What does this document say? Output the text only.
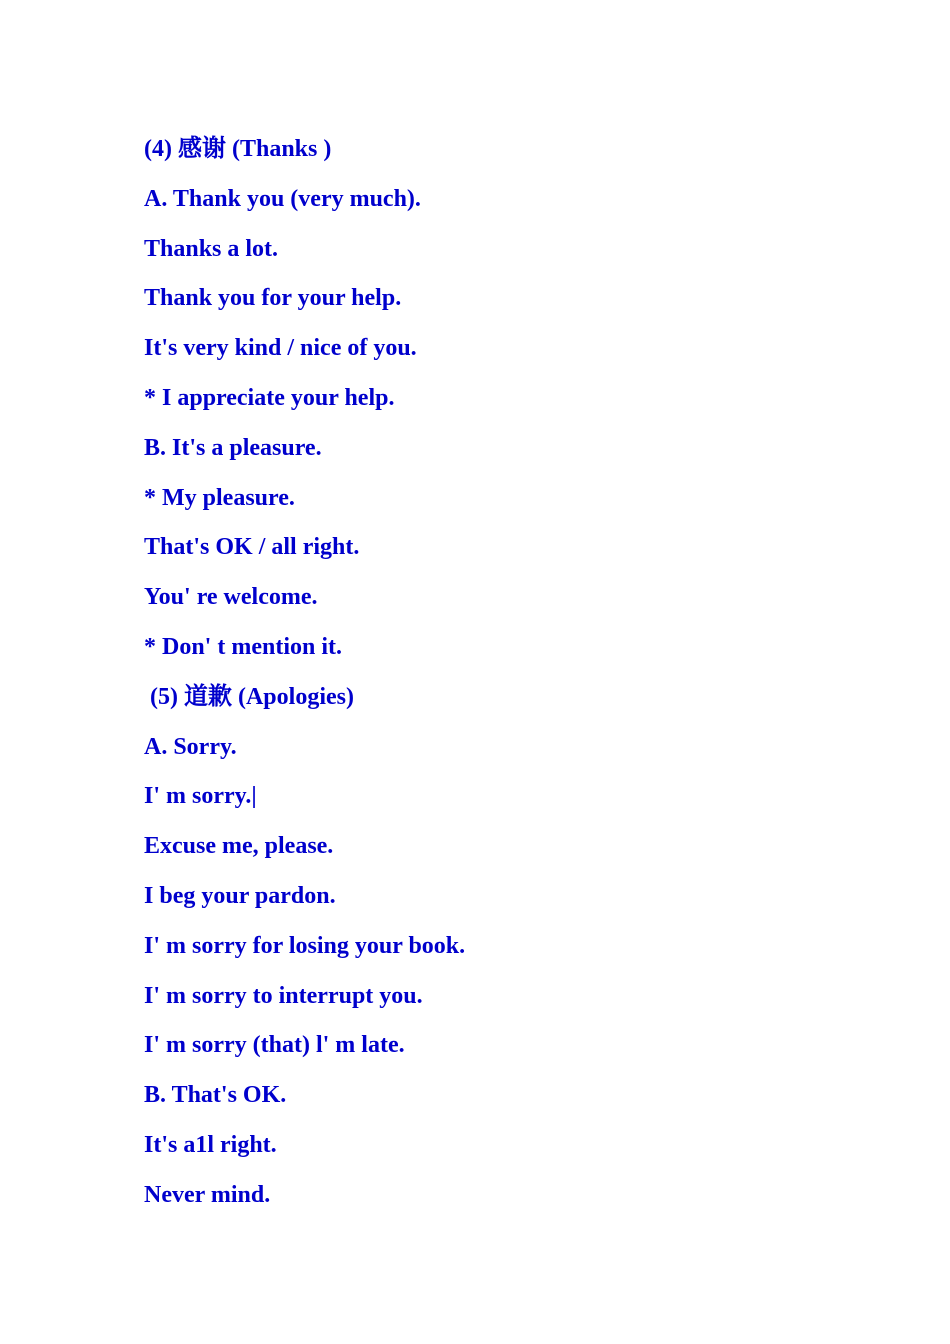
(4) 感谢 (Thanks )
A. Thank you (very much).
Thanks a lot.
Thank you for your help.
It's very kind / nice of you.
* I appreciate your help.
B. It's a pleasure.
* My pleasure.
That's OK / all right.
You' re welcome.
* Don' t mention it.
(5) 道歉 (Apologies)
A. Sorry.
I' m sorry.|
Excuse me, please.
I beg your pardon.
I' m sorry for losing your book.
I' m sorry to interrupt you.
I' m sorry (that) l' m late.
B. That's OK.
It's a1l right.
Never mind.
